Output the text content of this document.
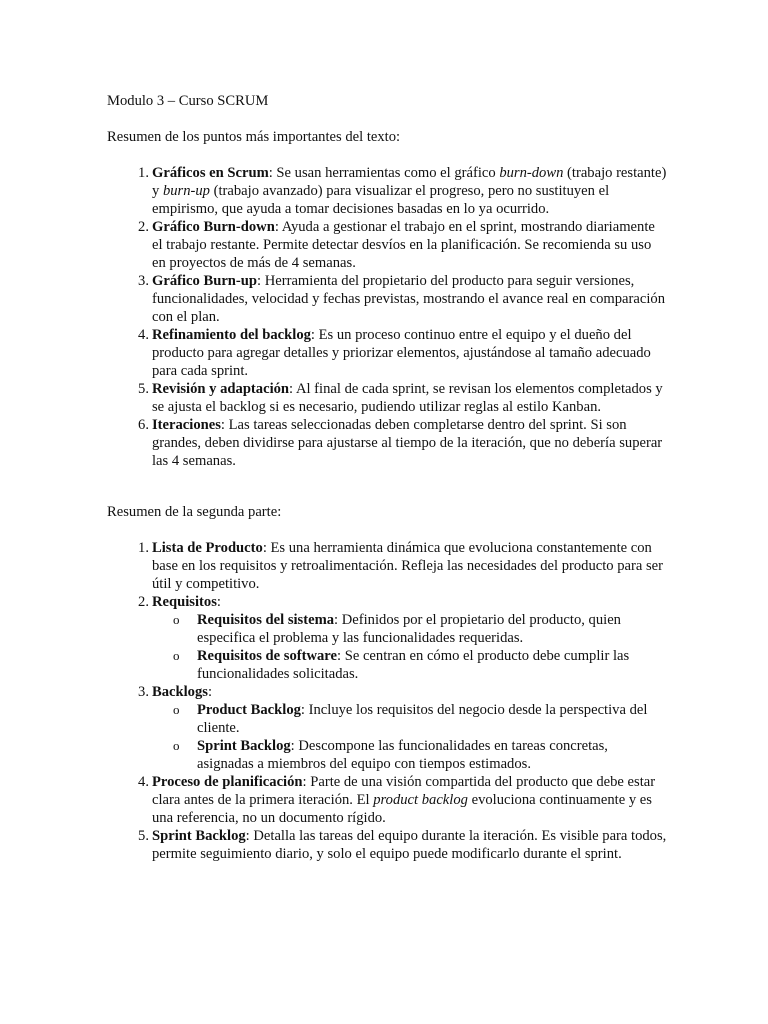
Modulo 3 – Curso SCRUM

Resumen de los puntos más importantes del texto:

1 . Gráficos en Scrum: Se usan herramientas como el gráfico burn-down (trabajo restante) y burn-up (trabajo avanzado) para visualizar el progreso, pero no sustituyen el empirismo, que ayuda a tomar decisiones basadas en lo ya ocurrido.
2 . Gráfico Burn-down: Ayuda a gestionar el trabajo en el sprint, mostrando diariamente el trabajo restante. Permite detectar desvíos en la planificación. Se recomienda su uso en proyectos de más de 4 semanas.
3 . Gráfico Burn-up: Herramienta del propietario del producto para seguir versiones, funcionalidades, velocidad y fechas previstas, mostrando el avance real en comparación con el plan.
4 . Refinamiento del backlog: Es un proceso continuo entre el equipo y el dueño del producto para agregar detalles y priorizar elementos, ajustándose al tamaño adecuado para cada sprint.
5 . Revisión y adaptación: Al final de cada sprint, se revisan los elementos completados y se ajusta el backlog si es necesario, pudiendo utilizar reglas al estilo Kanban.
6 . Iteraciones: Las tareas seleccionadas deben completarse dentro del sprint. Si son grandes, deben dividirse para ajustarse al tiempo de la iteración, que no debería superar las 4 semanas.

Resumen de la segunda parte:

1 . Lista de Producto: Es una herramienta dinámica que evoluciona constantemente con base en los requisitos y retroalimentación. Refleja las necesidades del producto para ser útil y competitivo.
2 . Requisitos:
o Requisitos del sistema: Definidos por el propietario del producto, quien especifica el problema y las funcionalidades requeridas.
o Requisitos de software: Se centran en cómo el producto debe cumplir las funcionalidades solicitadas.
3 . Backlogs:
o Product Backlog: Incluye los requisitos del negocio desde la perspectiva del cliente.
o Sprint Backlog: Descompone las funcionalidades en tareas concretas, asignadas a miembros del equipo con tiempos estimados.
4 . Proceso de planificación: Parte de una visión compartida del producto que debe estar clara antes de la primera iteración. El product backlog evoluciona continuamente y es una referencia, no un documento rígido.
5 . Sprint Backlog: Detalla las tareas del equipo durante la iteración. Es visible para todos, permite seguimiento diario, y solo el equipo puede modificarlo durante el sprint.
